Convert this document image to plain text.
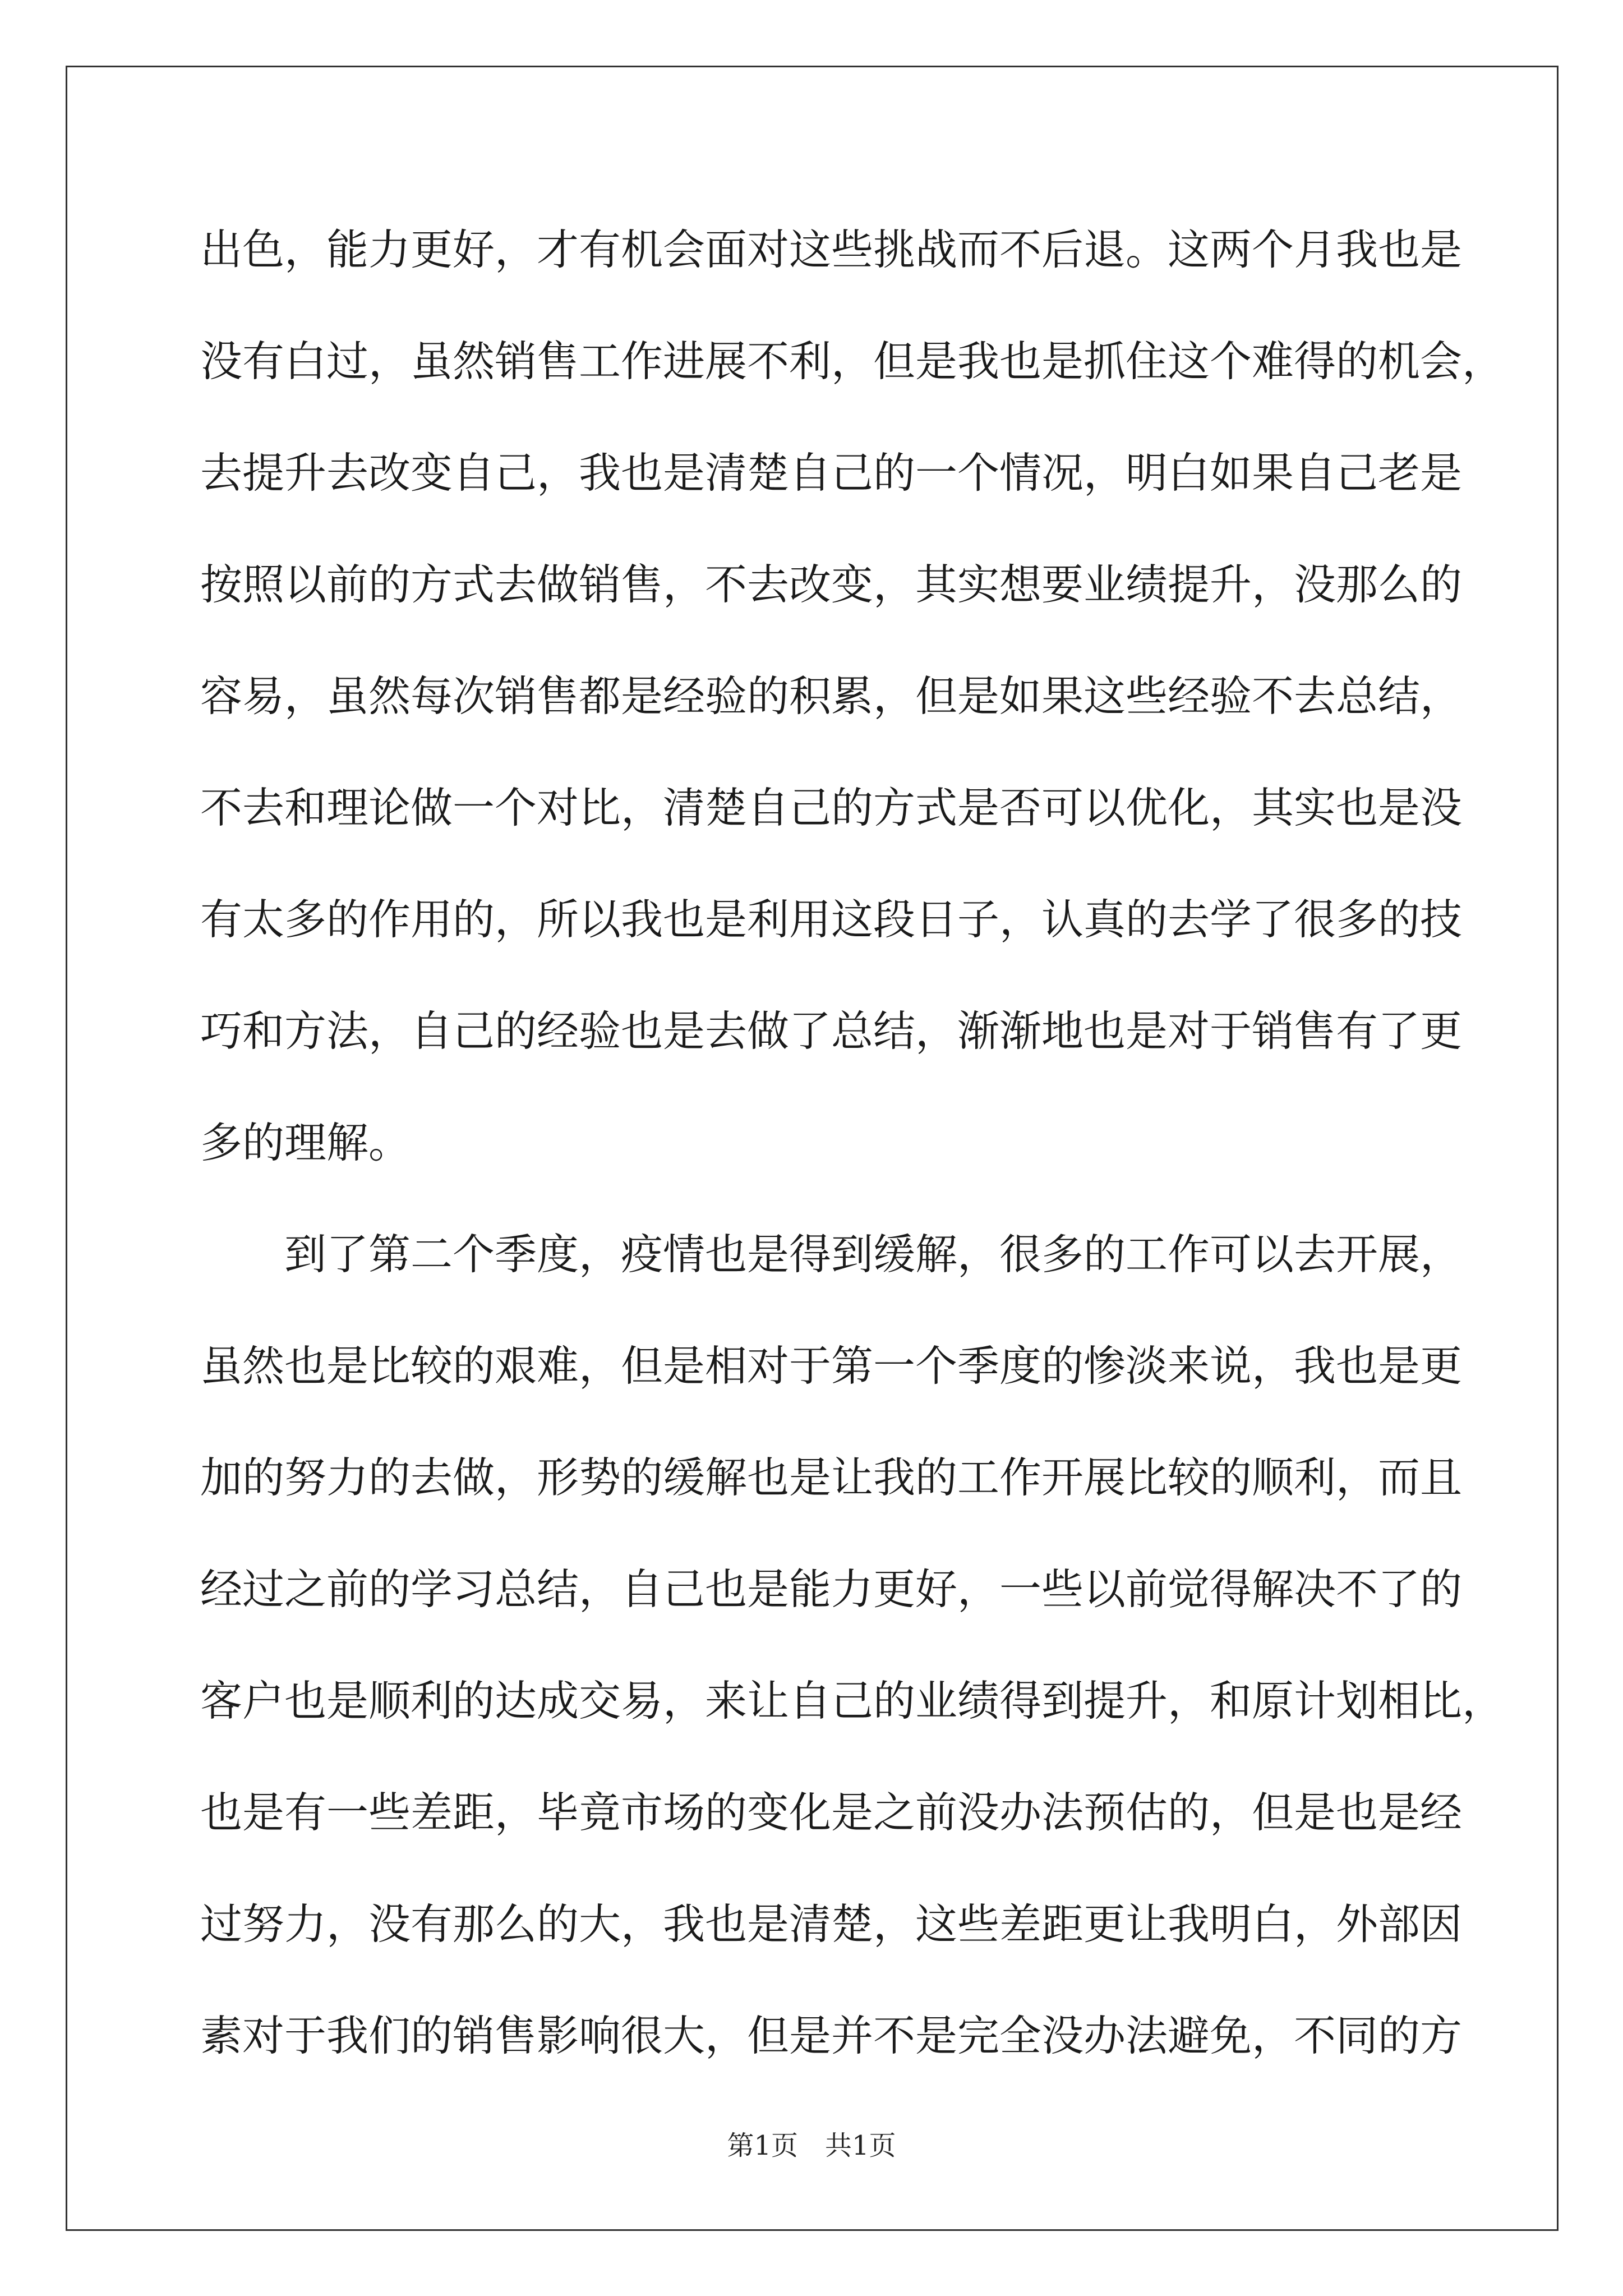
出色，能力更好，才有机会面对这些挑战而不后退。这两个月我也是
没有白过，虽然销售工作进展不利，但是我也是抓住这个难得的机会，
去提升去改变自己，我也是清楚自己的一个情况，明白如果自己老是
按照以前的方式去做销售，不去改变，其实想要业绩提升，没那么的
容易，虽然每次销售都是经验的积累，但是如果这些经验不去总结，
不去和理论做一个对比，清楚自己的方式是否可以优化，其实也是没
有太多的作用的，所以我也是利用这段日子，认真的去学了很多的技
巧和方法，自己的经验也是去做了总结，渐渐地也是对于销售有了更
多的理解。
　　到了第二个季度，疫情也是得到缓解，很多的工作可以去开展，
虽然也是比较的艰难，但是相对于第一个季度的惨淡来说，我也是更
加的努力的去做，形势的缓解也是让我的工作开展比较的顺利，而且
经过之前的学习总结，自己也是能力更好，一些以前觉得解决不了的
客户也是顺利的达成交易，来让自己的业绩得到提升，和原计划相比，
也是有一些差距，毕竟市场的变化是之前没办法预估的，但是也是经
过努力，没有那么的大，我也是清楚，这些差距更让我明白，外部因
素对于我们的销售影响很大，但是并不是完全没办法避免，不同的方
第1页　共1页
